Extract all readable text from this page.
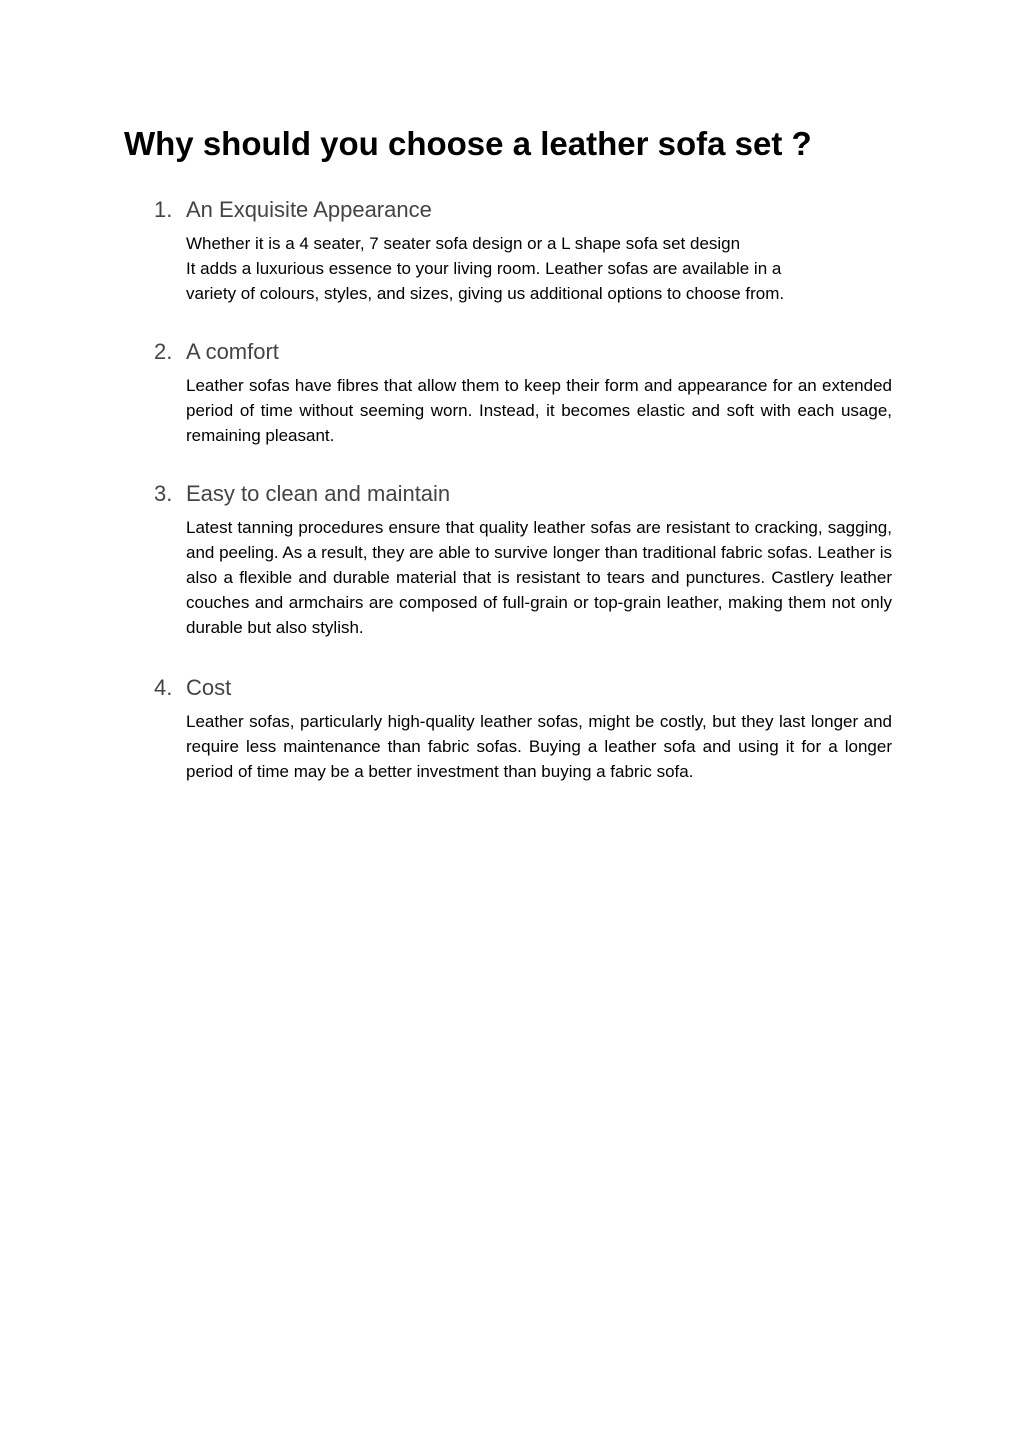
Why should you choose a leather sofa set ?
1. An Exquisite Appearance
Whether it is a 4 seater, 7 seater sofa design or a L shape sofa set design
It adds a luxurious essence to your living room. Leather sofas are available in a
variety of colours, styles, and sizes, giving us additional options to choose from.
2. A comfort
Leather sofas have fibres that allow them to keep their form and appearance for an extended period of time without seeming worn. Instead, it becomes elastic and soft with each usage, remaining pleasant.
3. Easy to clean and maintain
Latest tanning procedures ensure that quality leather sofas are resistant to cracking, sagging, and peeling. As a result, they are able to survive longer than traditional fabric sofas. Leather is also a flexible and durable material that is resistant to tears and punctures. Castlery leather couches and armchairs are composed of full-grain or top-grain leather, making them not only durable but also stylish.
4. Cost
Leather sofas, particularly high-quality leather sofas, might be costly, but they last longer and require less maintenance than fabric sofas. Buying a leather sofa and using it for a longer period of time may be a better investment than buying a fabric sofa.
